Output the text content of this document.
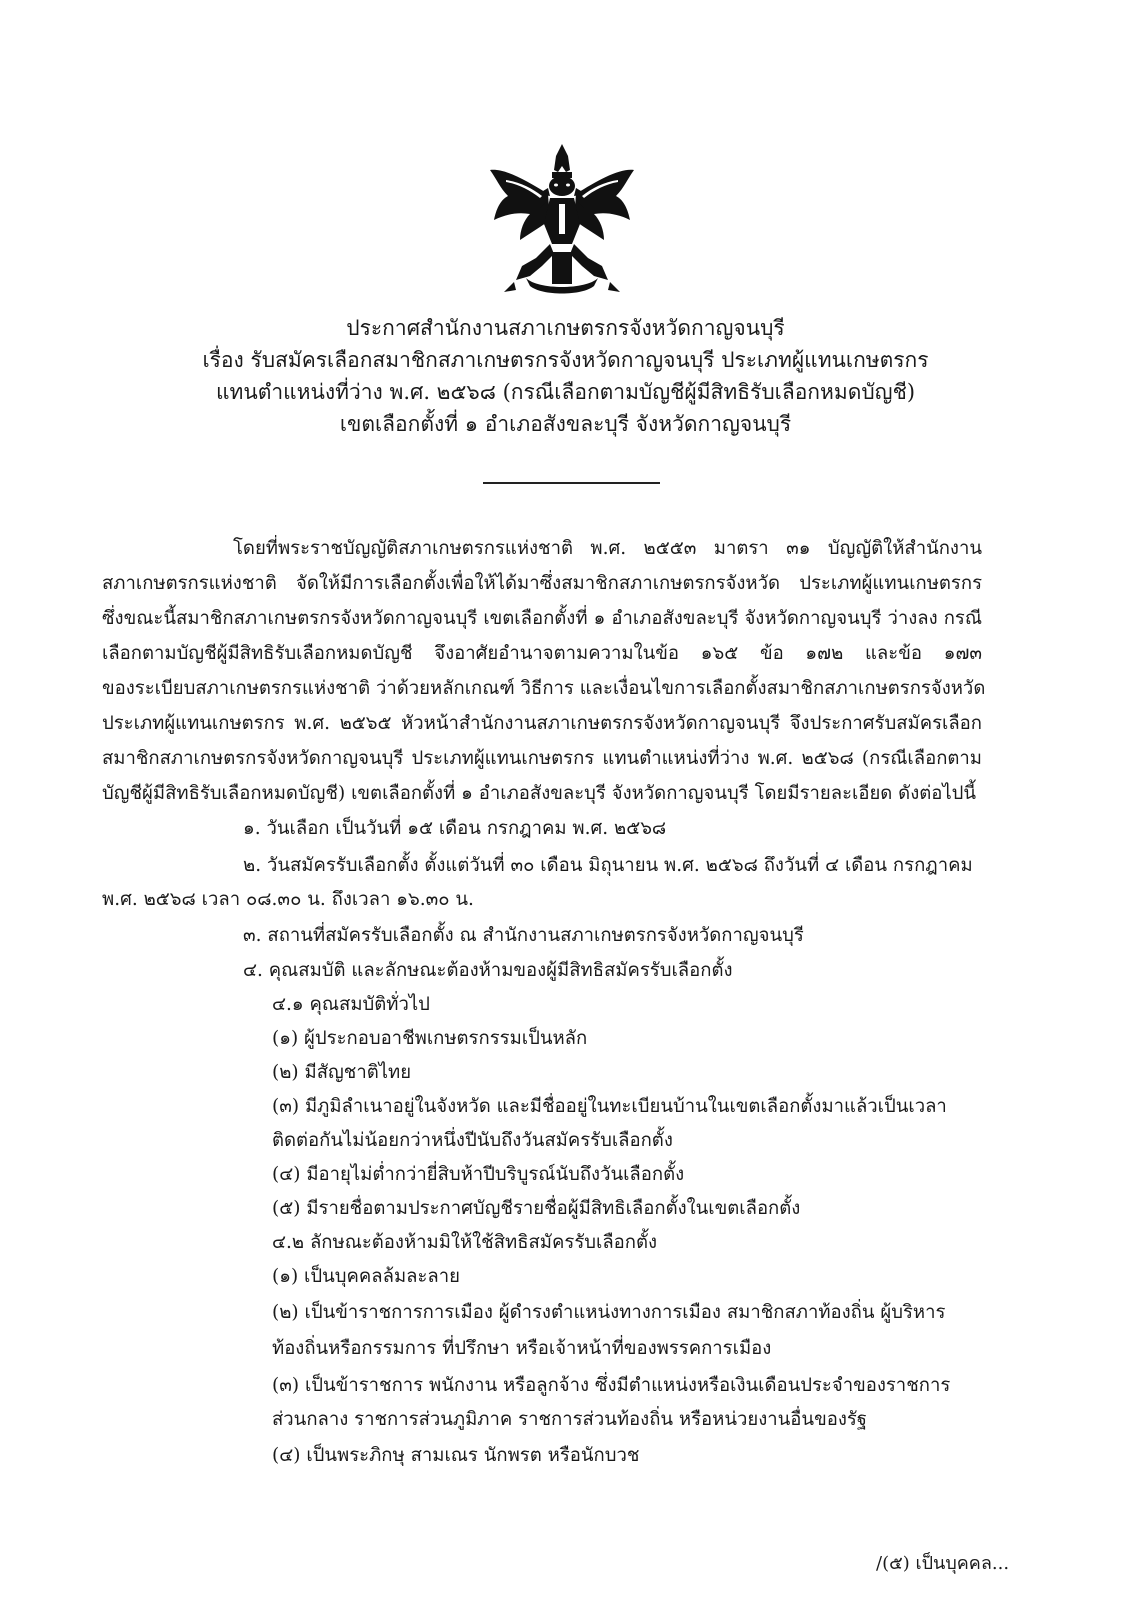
ประกาศสำนักงานสภาเกษตรกรจังหวัดกาญจนบุรี
เรื่อง รับสมัครเลือกสมาชิกสภาเกษตรกรจังหวัดกาญจนบุรี ประเภทผู้แทนเกษตรกร
แทนตำแหน่งที่ว่าง พ.ศ. ๒๕๖๘ (กรณีเลือกตามบัญชีผู้มีสิทธิรับเลือกหมดบัญชี)
เขตเลือกตั้งที่ ๑ อำเภอสังขละบุรี จังหวัดกาญจนบุรี

โดยที่พระราชบัญญัติสภาเกษตรกรแห่งชาติ พ.ศ. ๒๕๕๓ มาตรา ๓๑ บัญญัติให้สำนักงาน

สภาเกษตรกรแห่งชาติ จัดให้มีการเลือกตั้งเพื่อให้ได้มาซึ่งสมาชิกสภาเกษตรกรจังหวัด ประเภทผู้แทนเกษตรกร

ซึ่งขณะนี้สมาชิกสภาเกษตรกรจังหวัดกาญจนบุรี เขตเลือกตั้งที่ ๑ อำเภอสังขละบุรี จังหวัดกาญจนบุรี ว่างลง กรณี

เลือกตามบัญชีผู้มีสิทธิรับเลือกหมดบัญชี จึงอาศัยอำนาจตามความในข้อ ๑๖๕ ข้อ ๑๗๒ และข้อ ๑๗๓

ของระเบียบสภาเกษตรกรแห่งชาติ ว่าด้วยหลักเกณฑ์ วิธีการ และเงื่อนไขการเลือกตั้งสมาชิกสภาเกษตรกรจังหวัด

ประเภทผู้แทนเกษตรกร พ.ศ. ๒๕๖๕ หัวหน้าสำนักงานสภาเกษตรกรจังหวัดกาญจนบุรี จึงประกาศรับสมัครเลือก

สมาชิกสภาเกษตรกรจังหวัดกาญจนบุรี ประเภทผู้แทนเกษตรกร แทนตำแหน่งที่ว่าง พ.ศ. ๒๕๖๘ (กรณีเลือกตาม

บัญชีผู้มีสิทธิรับเลือกหมดบัญชี) เขตเลือกตั้งที่ ๑ อำเภอสังขละบุรี จังหวัดกาญจนบุรี โดยมีรายละเอียด ดังต่อไปนี้

๑. วันเลือก เป็นวันที่ ๑๕ เดือน กรกฎาคม พ.ศ. ๒๕๖๘
๒. วันสมัครรับเลือกตั้ง ตั้งแต่วันที่ ๓๐ เดือน มิถุนายน พ.ศ. ๒๕๖๘ ถึงวันที่ ๔ เดือน กรกฎาคม
พ.ศ. ๒๕๖๘ เวลา ๐๘.๓๐ น. ถึงเวลา ๑๖.๓๐ น.
๓. สถานที่สมัครรับเลือกตั้ง ณ สำนักงานสภาเกษตรกรจังหวัดกาญจนบุรี
๔. คุณสมบัติ และลักษณะต้องห้ามของผู้มีสิทธิสมัครรับเลือกตั้ง
๔.๑ คุณสมบัติทั่วไป
(๑) ผู้ประกอบอาชีพเกษตรกรรมเป็นหลัก
(๒) มีสัญชาติไทย
(๓) มีภูมิลำเนาอยู่ในจังหวัด และมีชื่ออยู่ในทะเบียนบ้านในเขตเลือกตั้งมาแล้วเป็นเวลา
ติดต่อกันไม่น้อยกว่าหนึ่งปีนับถึงวันสมัครรับเลือกตั้ง
(๔) มีอายุไม่ต่ำกว่ายี่สิบห้าปีบริบูรณ์นับถึงวันเลือกตั้ง
(๕) มีรายชื่อตามประกาศบัญชีรายชื่อผู้มีสิทธิเลือกตั้งในเขตเลือกตั้ง
๔.๒ ลักษณะต้องห้ามมิให้ใช้สิทธิสมัครรับเลือกตั้ง
(๑) เป็นบุคคลล้มละลาย
(๒) เป็นข้าราชการการเมือง ผู้ดำรงตำแหน่งทางการเมือง สมาชิกสภาท้องถิ่น ผู้บริหาร
ท้องถิ่นหรือกรรมการ ที่ปรึกษา หรือเจ้าหน้าที่ของพรรคการเมือง
(๓) เป็นข้าราชการ พนักงาน หรือลูกจ้าง ซึ่งมีตำแหน่งหรือเงินเดือนประจำของราชการ
ส่วนกลาง ราชการส่วนภูมิภาค ราชการส่วนท้องถิ่น หรือหน่วยงานอื่นของรัฐ
(๔) เป็นพระภิกษุ สามเณร นักพรต หรือนักบวช
/(๕) เป็นบุคคล...
